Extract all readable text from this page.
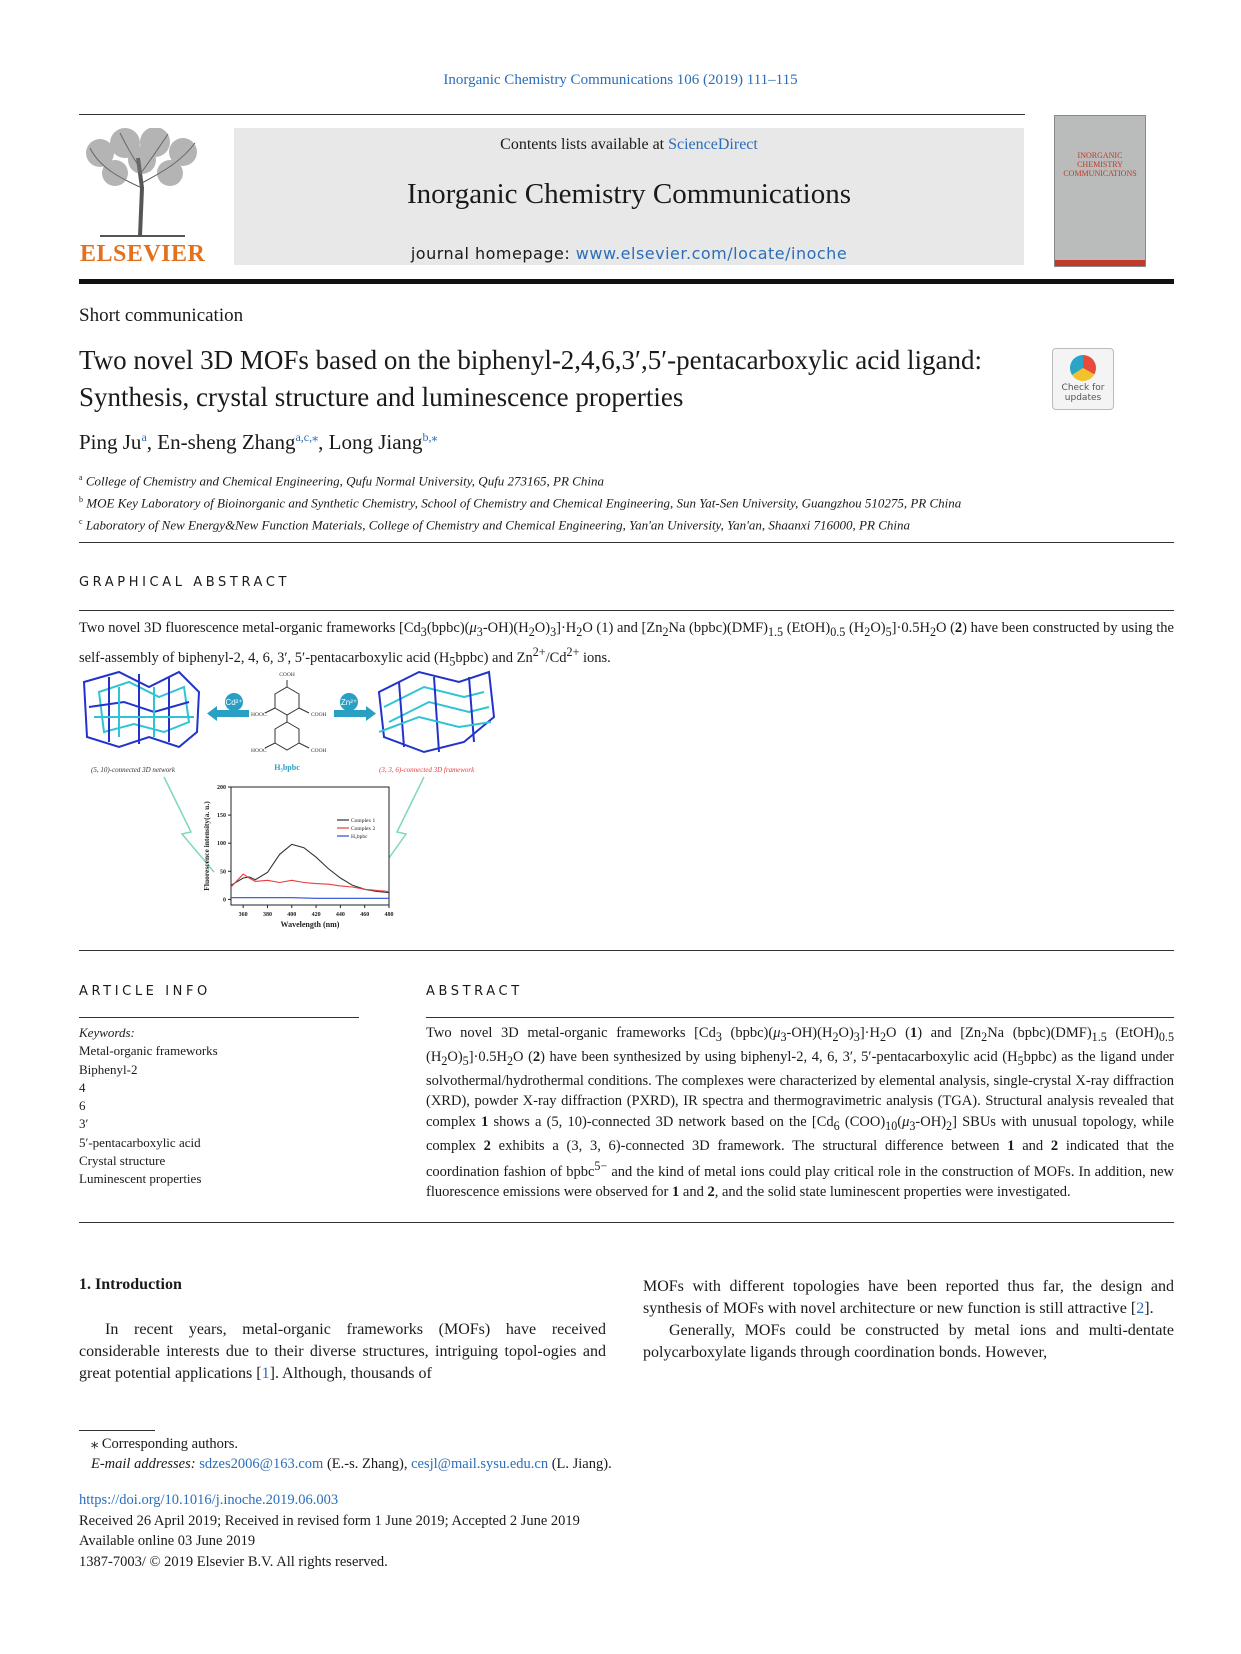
Inorganic Chemistry Communications 106 (2019) 111–115
ELSEVIER
Contents lists available at ScienceDirect
Inorganic Chemistry Communications
journal homepage: www.elsevier.com/locate/inoche
INORGANIC CHEMISTRY COMMUNICATIONS
Short communication
Two novel 3D MOFs based on the biphenyl-2,4,6,3′,5′-pentacarboxylic acid ligand: Synthesis, crystal structure and luminescence properties	Check for updates
Ping Ju$^a$, En-sheng Zhang$^{a,c,⁎}$, Long Jiang$^{b,⁎}$
$^a$ College of Chemistry and Chemical Engineering, Qufu Normal University, Qufu 273165, PR China
$^b$ MOE Key Laboratory of Bioinorganic and Synthetic Chemistry, School of Chemistry and Chemical Engineering, Sun Yat-Sen University, Guangzhou 510275, PR China
$^c$ Laboratory of New Energy&New Function Materials, College of Chemistry and Chemical Engineering, Yan'an University, Yan'an, Shaanxi 716000, PR China
GRAPHICAL ABSTRACT
Two novel 3D fluorescence metal-organic frameworks $[Cd_3(bpbc)(\mu_3-OH)(H_2O)_3]\cdot H_2O$ (1) and [$Zn_2Na$ $(bpbc)(DMF)_{1.5}$ $(EtOH)_{0.5}$ $(H_2O)_5]\cdot 0.5H_2O$ (2) have been constructed by using the self-assembly of biphenyl-2, 4, 6, 3′, 5′-pentacarboxylic acid $(H_5bpbc)$ and $Zn^{2+}/Cd^{2+}$ ions.
(5, 10)-connected 3D network
Cd²⁺
COOH
HOOC	COOH
HOOC	COOH
H₅bpbc
Zn²⁺
(3, 3, 6)-connected 3D framework
360	380	400	420	440	460	480
0
50
100
150
200
Wavelength (nm)
Fluorescence intensity(a. u.)	Complex 1
Complex 2
H₅bpbc
ARTICLE INFO	ABSTRACT
Keywords:
Metal-organic frameworks
Biphenyl-2
4
6
3′
5′-pentacarboxylic acid
Crystal structure
Luminescent properties
Two novel 3D metal-organic frameworks [$Cd_3$ $(bpbc)(\mu_3-OH)(H_2O)_3]\cdot H_2O$ (1) and [$Zn_2Na$ $(bpbc)(DMF)_{1.5}$ $(EtOH)_{0.5}$ $(H_2O)_5]\cdot 0.5H_2O$ (2) have been synthesized by using biphenyl-2, 4, 6, 3′, 5′-pentacarboxylic acid $(H_5bpbc)$ as the ligand under solvothermal/hydrothermal conditions. The complexes were characterized by elemental analysis, single-crystal X-ray diffraction (XRD), powder X-ray diffraction (PXRD), IR spectra and thermogravimetric analysis (TGA). Structural analysis revealed that complex 1 shows a (5, 10)-connected 3D network based on the [$Cd_6$ $(COO)_{10}(\mu_3-OH)_2$] SBUs with unusual topology, while complex 2 exhibits a (3, 3, 6)-connected 3D framework. The structural difference between 1 and 2 indicated that the coordination fashion of bpbc$^{5-}$ and the kind of metal ions could play critical role in the construction of MOFs. In addition, new fluorescence emissions were observed for 1 and 2, and the solid state luminescent properties were investigated.
1. Introduction
In recent years, metal-organic frameworks (MOFs) have received considerable interests due to their diverse structures, intriguing topol-ogies and great potential applications [1]. Although, thousands of
MOFs with different topologies have been reported thus far, the design and synthesis of MOFs with novel architecture or new function is still attractive [2].
Generally, MOFs could be constructed by metal ions and multi-dentate polycarboxylate ligands through coordination bonds. However,
⁎ Corresponding authors.
E-mail addresses: sdzes2006@163.com (E.-s. Zhang), cesjl@mail.sysu.edu.cn (L. Jiang).
https://doi.org/10.1016/j.inoche.2019.06.003
Received 26 April 2019; Received in revised form 1 June 2019; Accepted 2 June 2019
Available online 03 June 2019
1387-7003/ © 2019 Elsevier B.V. All rights reserved.
